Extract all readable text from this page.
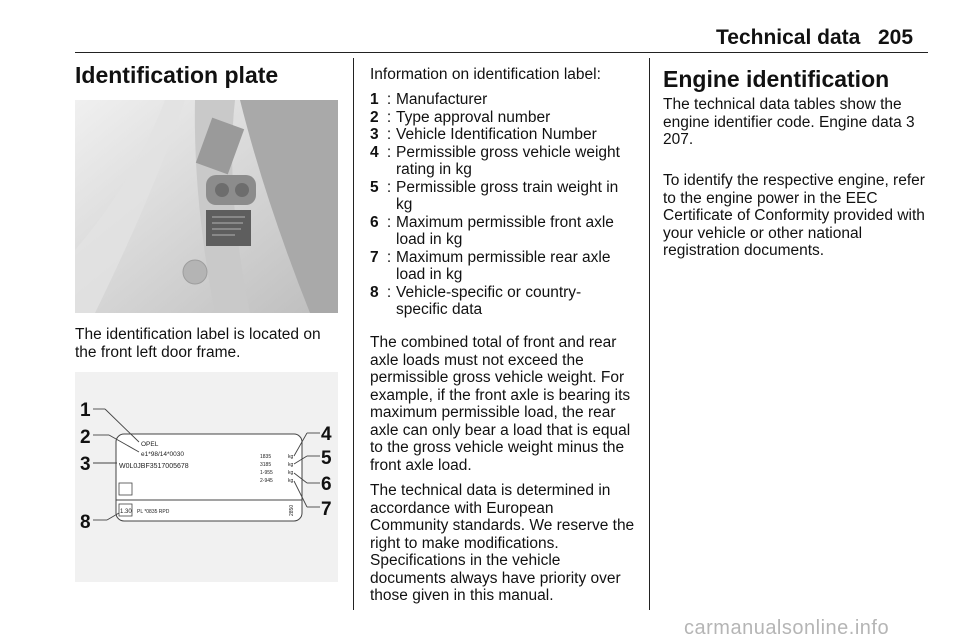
Technical data 205
Identification plate
The identification label is located on the front left door frame.
OPEL
e1*98/14*0030
W0L0JBF3517005678
1835
3185
1-955
2-945
kg
kg
kg
kg
1.30 PL *0835 RPD	2850
1
2
3
4
5
6
7
8
Information on identification label:
1 : Manufacturer
2 : Type approval number
3 : Vehicle Identification Number
4 : Permissible gross vehicle weight rating in kg
5 : Permissible gross train weight in kg
6 : Maximum permissible front axle load in kg
7 : Maximum permissible rear axle load in kg
8 : Vehicle-specific or country-specific data
The combined total of front and rear axle loads must not exceed the permissible gross vehicle weight. For example, if the front axle is bearing its maximum permissible load, the rear axle can only bear a load that is equal to the gross vehicle weight minus the front axle load.
The technical data is determined in accordance with European Community standards. We reserve the right to make modifications. Specifications in the vehicle documents always have priority over those given in this manual.
Engine identification
The technical data tables show the engine identifier code. Engine data 3 207.
To identify the respective engine, refer to the engine power in the EEC Certificate of Conformity provided with your vehicle or other national registration documents.
carmanualsonline.info
